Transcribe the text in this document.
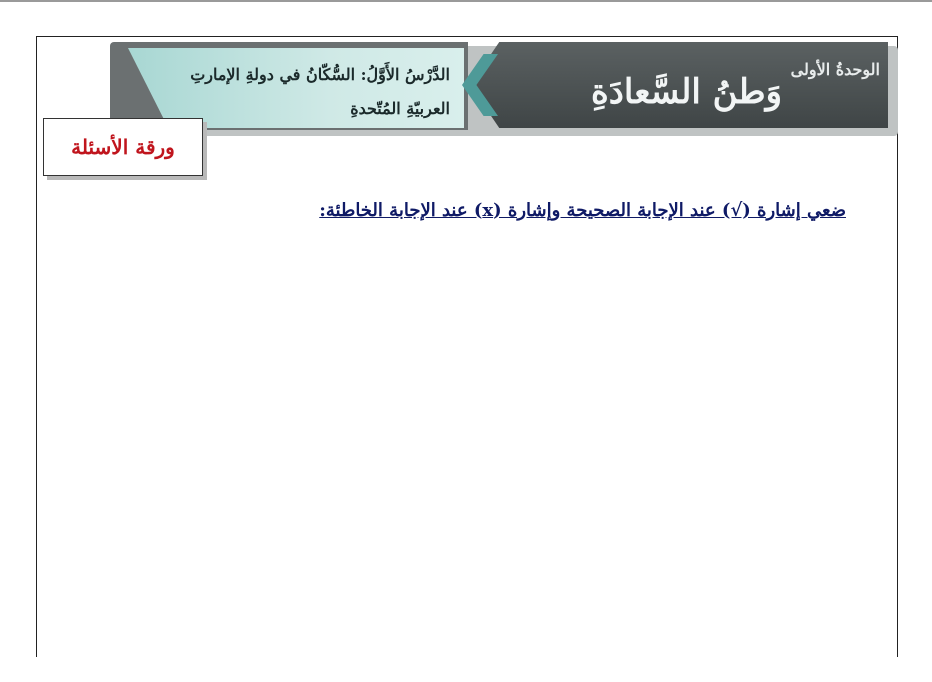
الدَّرْسُ الأَوَّلُ: السُّكّانُ في دولةِ الإمارتِ
العربيّةِ المُتّحدةِ
الوحدةُ الأولى
وَطنُ السَّعادَةِ
ورقة الأسئلة
ضعي إشارة (√) عند الإجابة الصحيحة وإشارة (x) عند الإجابة الخاطئة:
